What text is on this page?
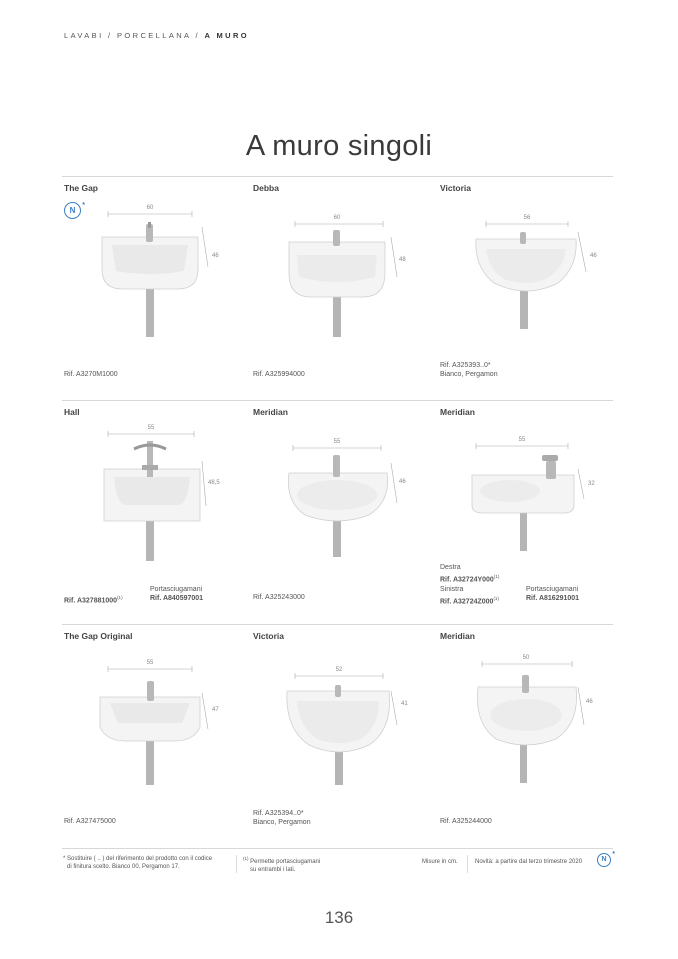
LAVABI / PORCELLANA / A MURO
A muro singoli
The Gap
N
*	60
46
Rif. A3270M1000
Debba
60
48
Rif. A325994000
Victoria
56
46
Rif. A325393..0*
Bianco, Pergamon
Hall
55
48,5
Rif. A327881000$^{(1)}$
Portasciugamani
Rif. A840597001
Meridian
55
46
Rif. A325243000
Meridian
55
32
Destra
Rif. A32724Y000$^{(1)}$
Sinistra
Rif. A32724Z000$^{(1)}$
Portasciugamani
Rif. A816291001
The Gap Original
55
47
Rif. A327475000
Victoria
52
41
Rif. A325394..0*
Bianco, Pergamon
Meridian
50
46
Rif. A325244000
* Sostituire ( .. ) del riferimento del prodotto con il codice
di finitura scelto. Bianco 00, Pergamon 17.
$^{(1)}$ Permette portasciugamani
su entrambi i lati.
Misure in cm.	Novità: a partire dal terzo trimestre 2020	N
*
136
